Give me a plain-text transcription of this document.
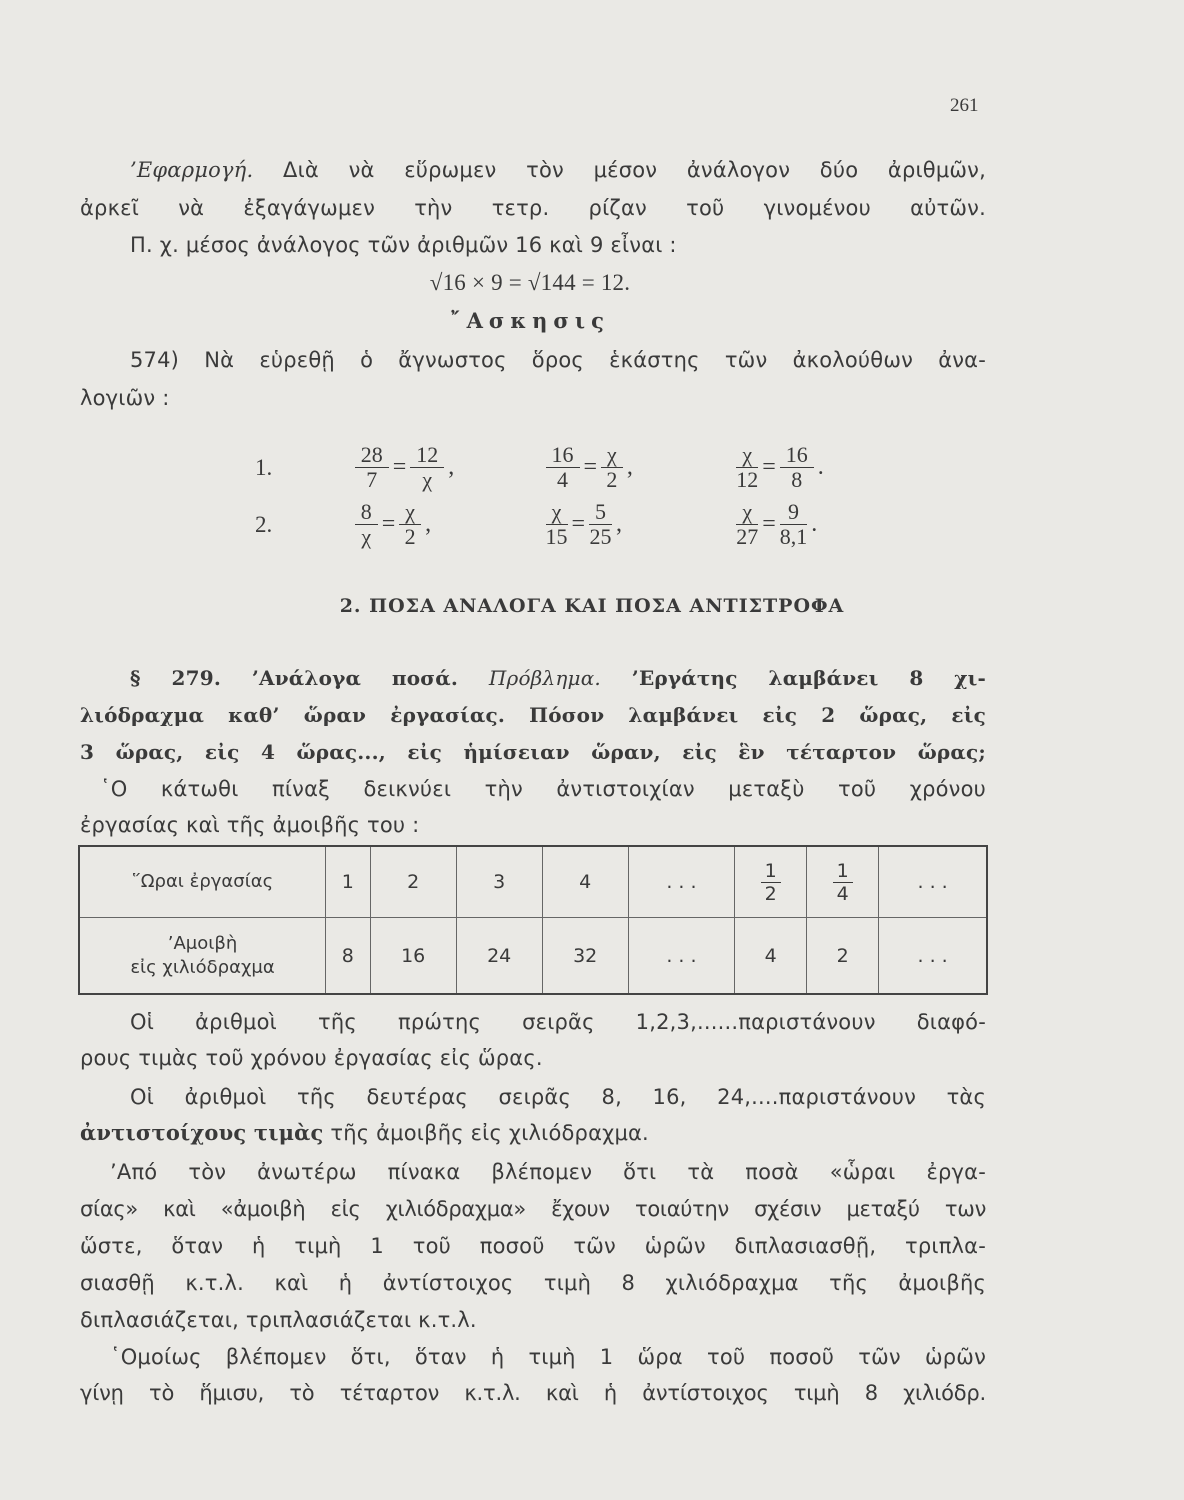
261
’Εφαρμογή. Διὰ νὰ εὕρωμεν τὸν μέσον ἀνάλογον δύο ἀριθμῶν,
ἀρκεῖ νὰ ἐξαγάγωμεν τὴν τετρ. ρίζαν τοῦ γινομένου αὐτῶν.
Π. χ. μέσος ἀνάλογος τῶν ἀριθμῶν 16 καὶ 9 εἶναι :
√16 × 9 = √144 = 12.
῎Ασκησις
574) Νὰ εὑρεθῇ ὁ ἄγνωστος ὅρος ἑκάστης τῶν ἀκολούθων ἀνα-
λογιῶν :
1.	$\frac{28}{7} = \frac{12}{\chi}$ ,	$\frac{16}{4} = \frac{\chi}{2}$ ,	$\frac{\chi}{12} = \frac{16}{8}$ .
2.	$\frac{8}{\chi} = \frac{\chi}{2}$ ,	$\frac{\chi}{15} = \frac{5}{25}$ ,	$\frac{\chi}{27} = \frac{9}{8,1}$ .
2. ΠΟΣΑ ΑΝΑΛΟΓΑ ΚΑΙ ΠΟΣΑ ΑΝΤΙΣΤΡΟΦΑ
§ 279. ’Ανάλογα ποσά. Πρόβλημα. ’Εργάτης λαμβάνει 8 χι-
λιόδραχμα καθ’ ὥραν ἐργασίας. Πόσον λαμβάνει εἰς 2 ὥρας, εἰς
3 ὥρας, εἰς 4 ὥρας..., εἰς ἡμίσειαν ὥραν, εἰς ἓν τέταρτον ὥρας;
῾Ο κάτωθι πίναξ δεικνύει τὴν ἀντιστοιχίαν μεταξὺ τοῦ χρόνου
ἐργασίας καὶ τῆς ἀμοιβῆς του :
῞Ωραι ἐργασίας	1	2	3	4	. . .	$\frac{1}{2}$	$\frac{1}{4}$	. . .
’Αμοιβὴ
εἰς χιλιόδραχμα	8	16	24	32	. . .	4	2	. . .
Οἱ ἀριθμοὶ τῆς πρώτης σειρᾶς 1,2,3,......παριστάνουν διαφό-
ρους τιμὰς τοῦ χρόνου ἐργασίας εἰς ὥρας.
Οἱ ἀριθμοὶ τῆς δευτέρας σειρᾶς 8, 16, 24,....παριστάνουν τὰς
ἀντιστοίχους τιμὰς τῆς ἀμοιβῆς εἰς χιλιόδραχμα.
’Από τὸν ἀνωτέρω πίνακα βλέπομεν ὅτι τὰ ποσὰ «ὧραι ἐργα-
σίας» καὶ «ἀμοιβὴ εἰς χιλιόδραχμα» ἔχουν τοιαύτην σχέσιν μεταξύ των
ὥστε, ὅταν ἡ τιμὴ 1 τοῦ ποσοῦ τῶν ὡρῶν διπλασιασθῇ, τριπλα-
σιασθῇ κ.τ.λ. καὶ ἡ ἀντίστοιχος τιμὴ 8 χιλιόδραχμα τῆς ἀμοιβῆς
διπλασιάζεται, τριπλασιάζεται κ.τ.λ.
῾Ομοίως βλέπομεν ὅτι, ὅταν ἡ τιμὴ 1 ὥρα τοῦ ποσοῦ τῶν ὡρῶν
γίνῃ τὸ ἥμισυ, τὸ τέταρτον κ.τ.λ. καὶ ἡ ἀντίστοιχος τιμὴ 8 χιλιόδρ.
